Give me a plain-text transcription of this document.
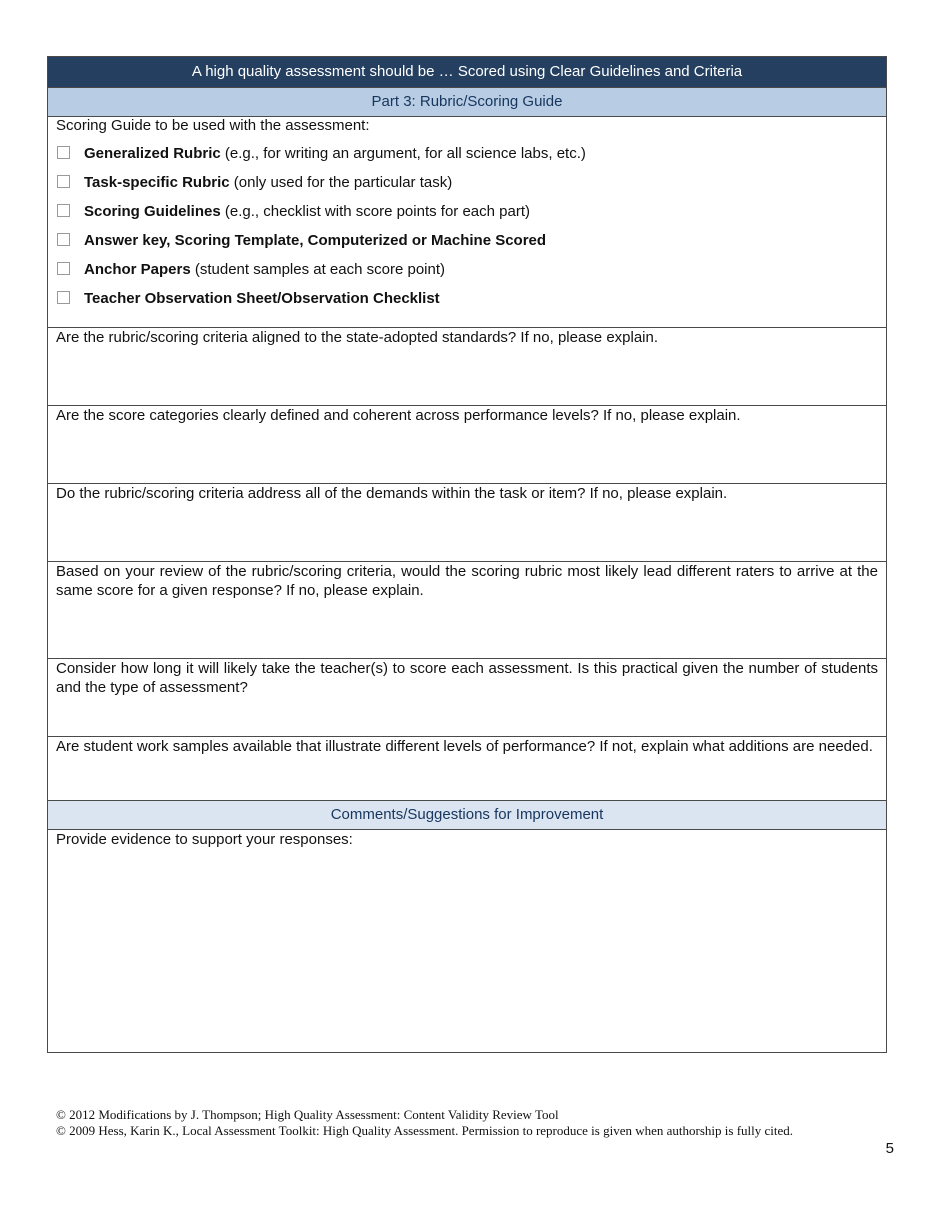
A high quality assessment should be … Scored using Clear Guidelines and Criteria
Part 3: Rubric/Scoring Guide

Scoring Guide to be used with the assessment:

Generalized Rubric (e.g., for writing an argument, for all science labs, etc.)
Task-specific Rubric (only used for the particular task)
Scoring Guidelines (e.g., checklist with score points for each part)
Answer key, Scoring Template, Computerized or Machine Scored
Anchor Papers (student samples at each score point)
Teacher Observation Sheet/Observation Checklist

Are the rubric/scoring criteria aligned to the state-adopted standards? If no, please explain.

Are the score categories clearly defined and coherent across performance levels? If no, please explain.

Do the rubric/scoring criteria address all of the demands within the task or item? If no, please explain.

Based on your review of the rubric/scoring criteria, would the scoring rubric most likely lead different raters to arrive at the same score for a given response? If no, please explain.

Consider how long it will likely take the teacher(s) to score each assessment. Is this practical given the number of students and the type of assessment?

Are student work samples available that illustrate different levels of performance? If not, explain what additions are needed.

Comments/Suggestions for Improvement

Provide evidence to support your responses:

© 2012 Modifications by J. Thompson; High Quality Assessment: Content Validity Review Tool
© 2009 Hess, Karin K., Local Assessment Toolkit: High Quality Assessment. Permission to reproduce is given when authorship is fully cited.
5
